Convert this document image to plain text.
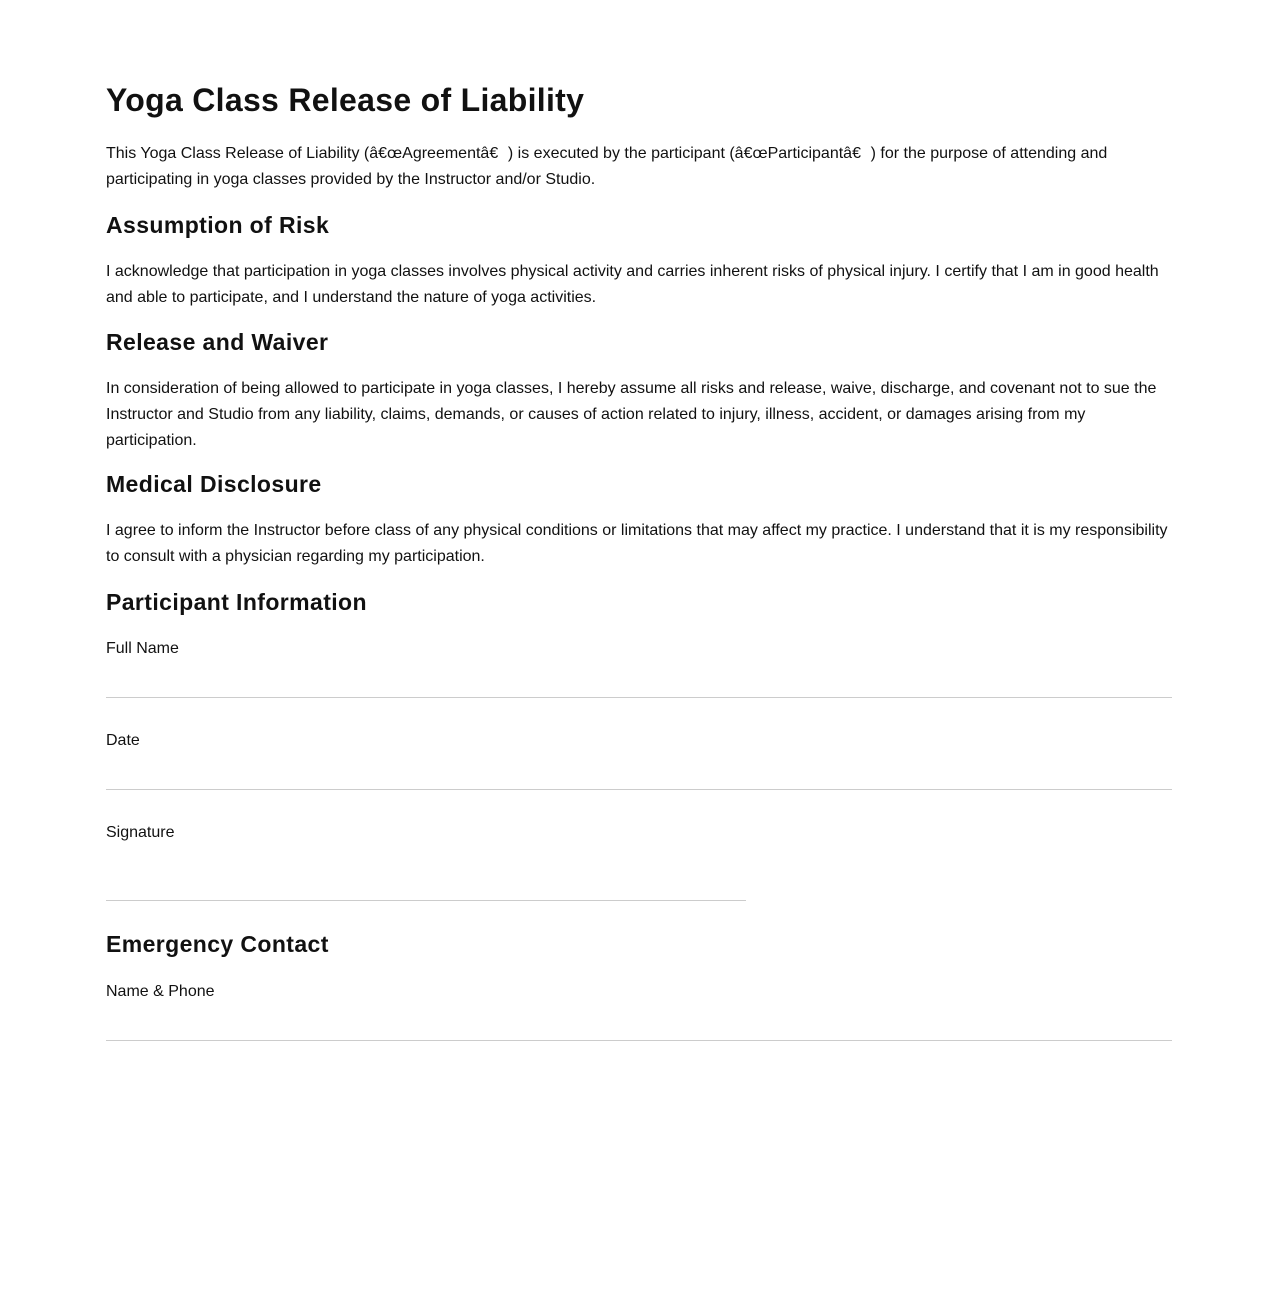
Yoga Class Release of Liability

This Yoga Class Release of Liability (â€œAgreementâ€) is executed by the participant (â€œParticipantâ€) for the purpose of attending and participating in yoga classes provided by the Instructor and/or Studio.

Assumption of Risk

I acknowledge that participation in yoga classes involves physical activity and carries inherent risks of physical injury. I certify that I am in good health and able to participate, and I understand the nature of yoga activities.

Release and Waiver

In consideration of being allowed to participate in yoga classes, I hereby assume all risks and release, waive, discharge, and covenant not to sue the Instructor and Studio from any liability, claims, demands, or causes of action related to injury, illness, accident, or damages arising from my participation.

Medical Disclosure

I agree to inform the Instructor before class of any physical conditions or limitations that may affect my practice. I understand that it is my responsibility to consult with a physician regarding my participation.

Participant Information
Full Name
Date
Signature
Emergency Contact
Name & Phone
